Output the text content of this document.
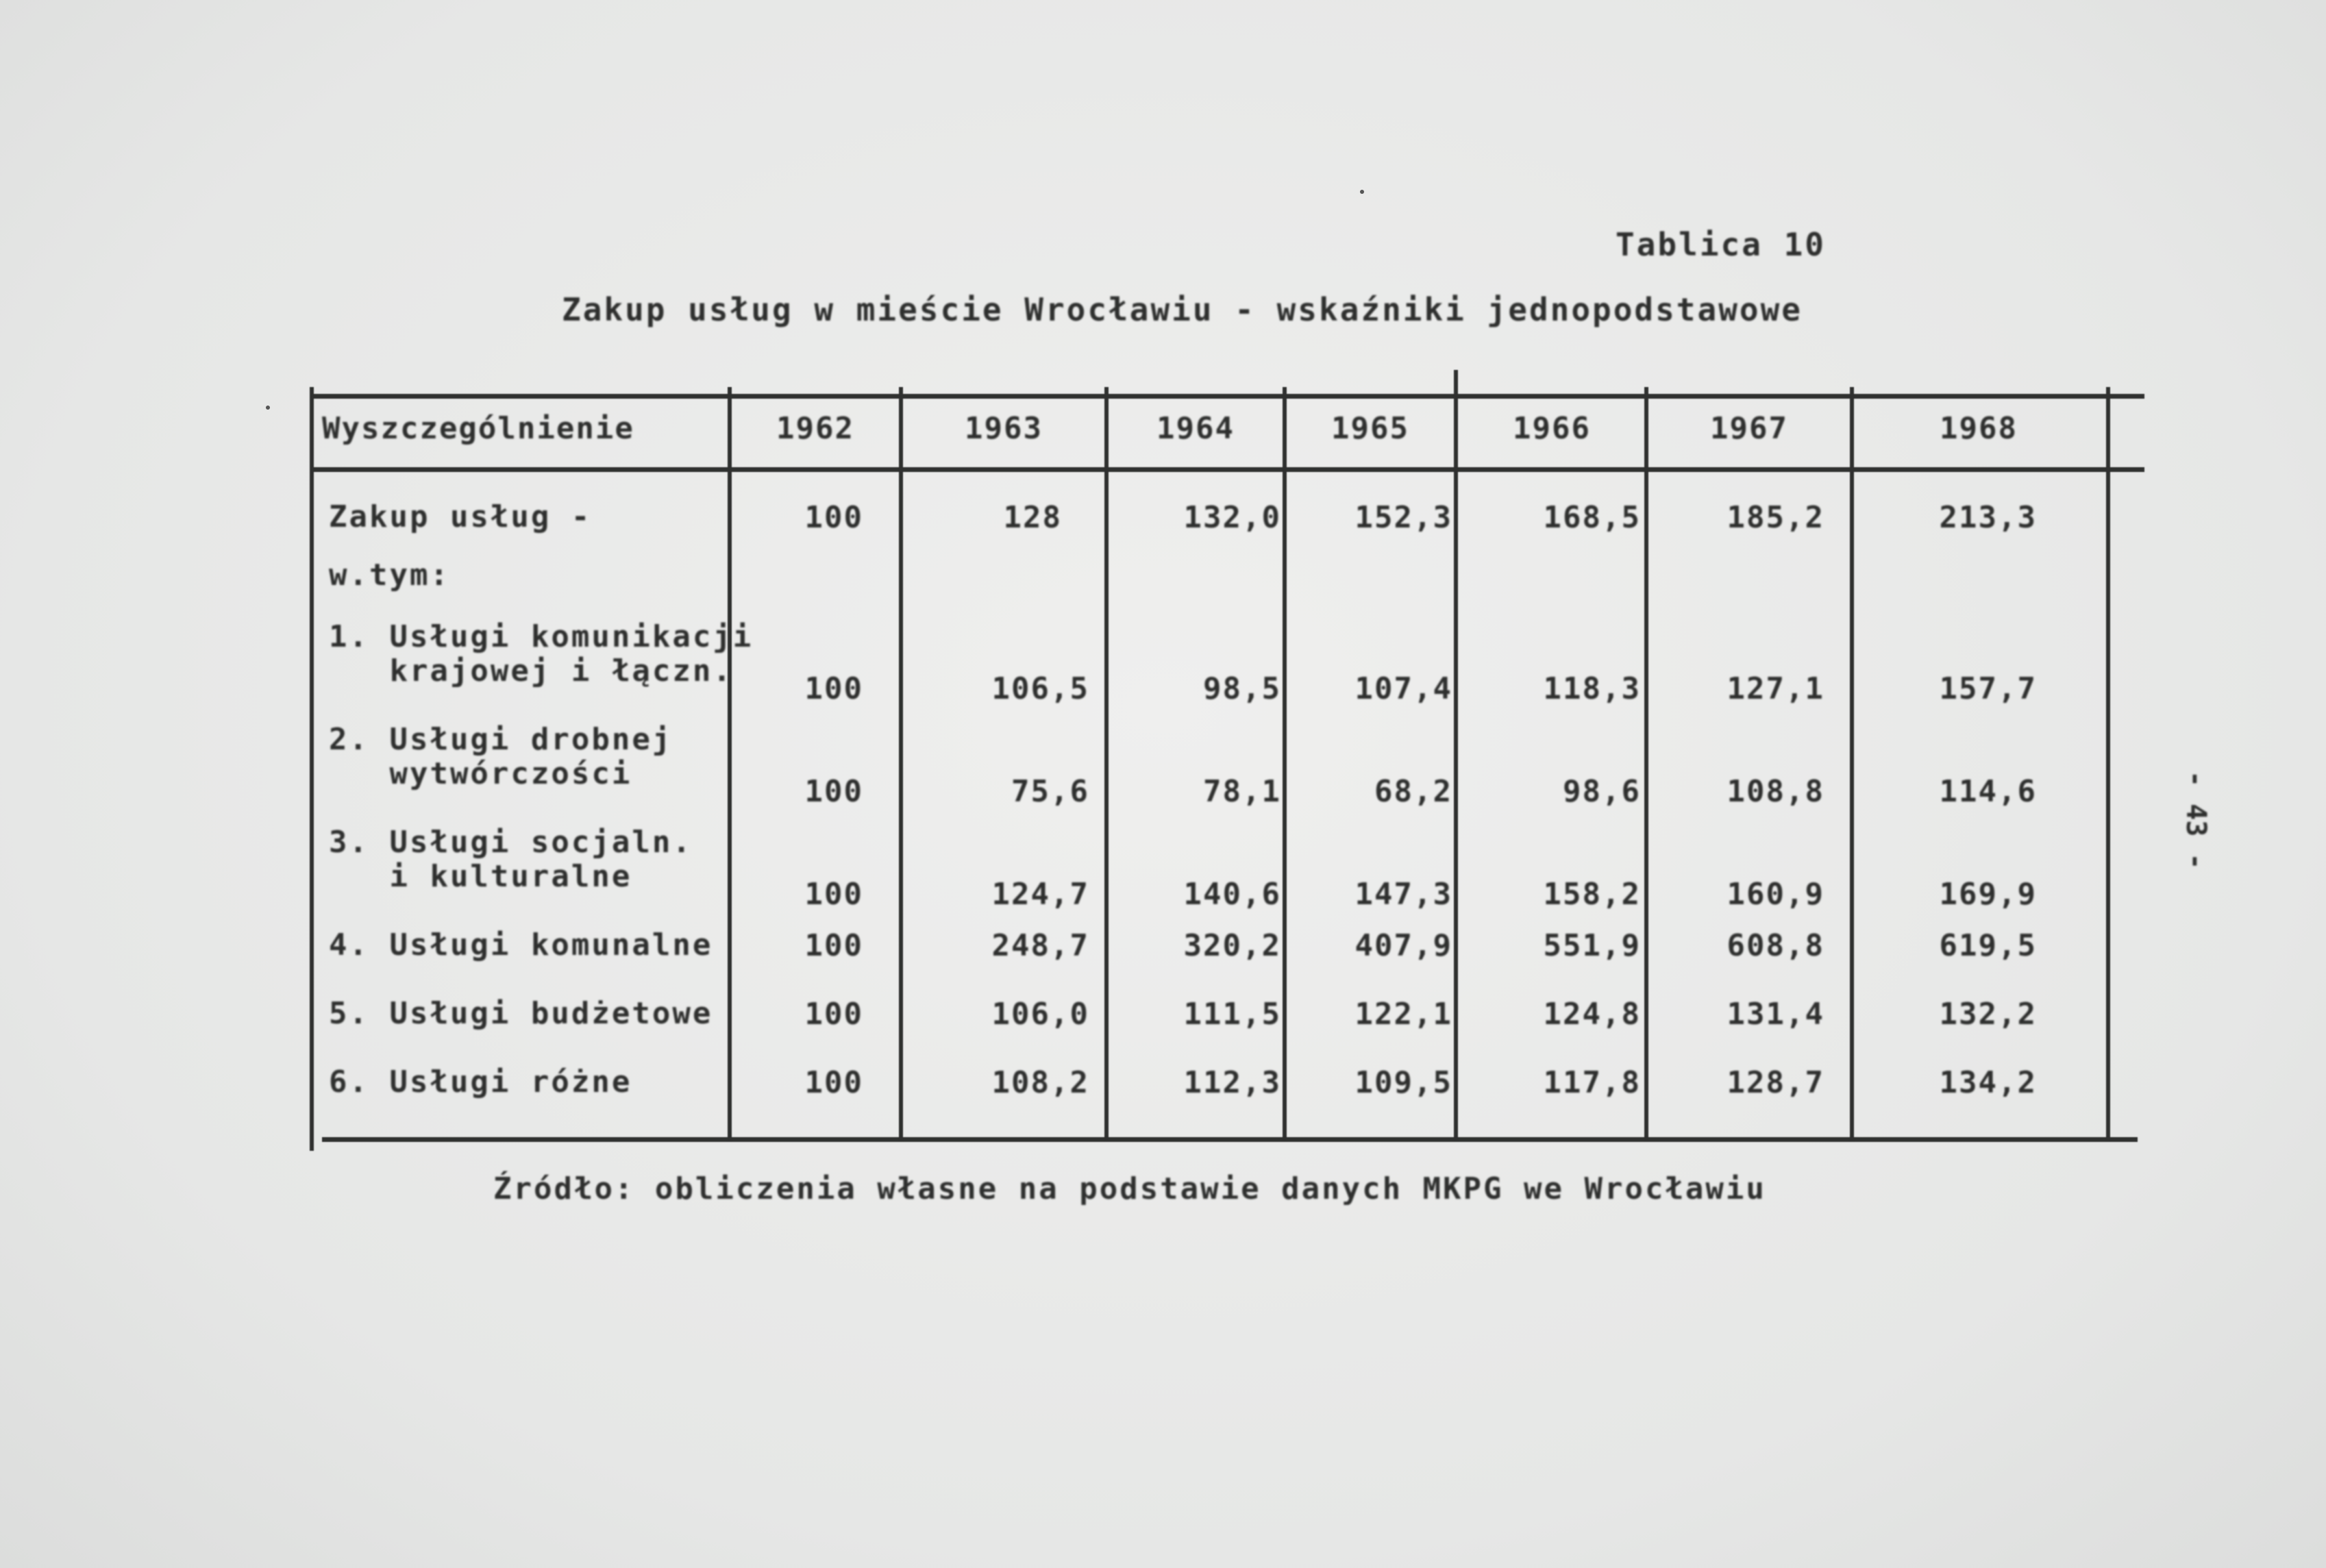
Tablica 10
Zakup usług w mieście Wrocławiu - wskaźniki jednopodstawowe
Wyszczególnienie	1962	1963	1964	1965	1966	1967	1968
Zakup usług -	100	128	132,0	152,3	168,5	185,2	213,3
w.tym:
1. Usługi komunikacji
krajowej i łączn.
100	106,5	98,5	107,4	118,3	127,1	157,7
2. Usługi drobnej
wytwórczości
100	75,6	78,1	68,2	98,6	108,8	114,6
3. Usługi socjaln.
i kulturalne
100	124,7	140,6	147,3	158,2	160,9	169,9
4. Usługi komunalne	100	248,7	320,2	407,9	551,9	608,8	619,5
5. Usługi budżetowe	100	106,0	111,5	122,1	124,8	131,4	132,2
6. Usługi różne	100	108,2	112,3	109,5	117,8	128,7	134,2
Źródło: obliczenia własne na podstawie danych MKPG we Wrocławiu
- 43 -
